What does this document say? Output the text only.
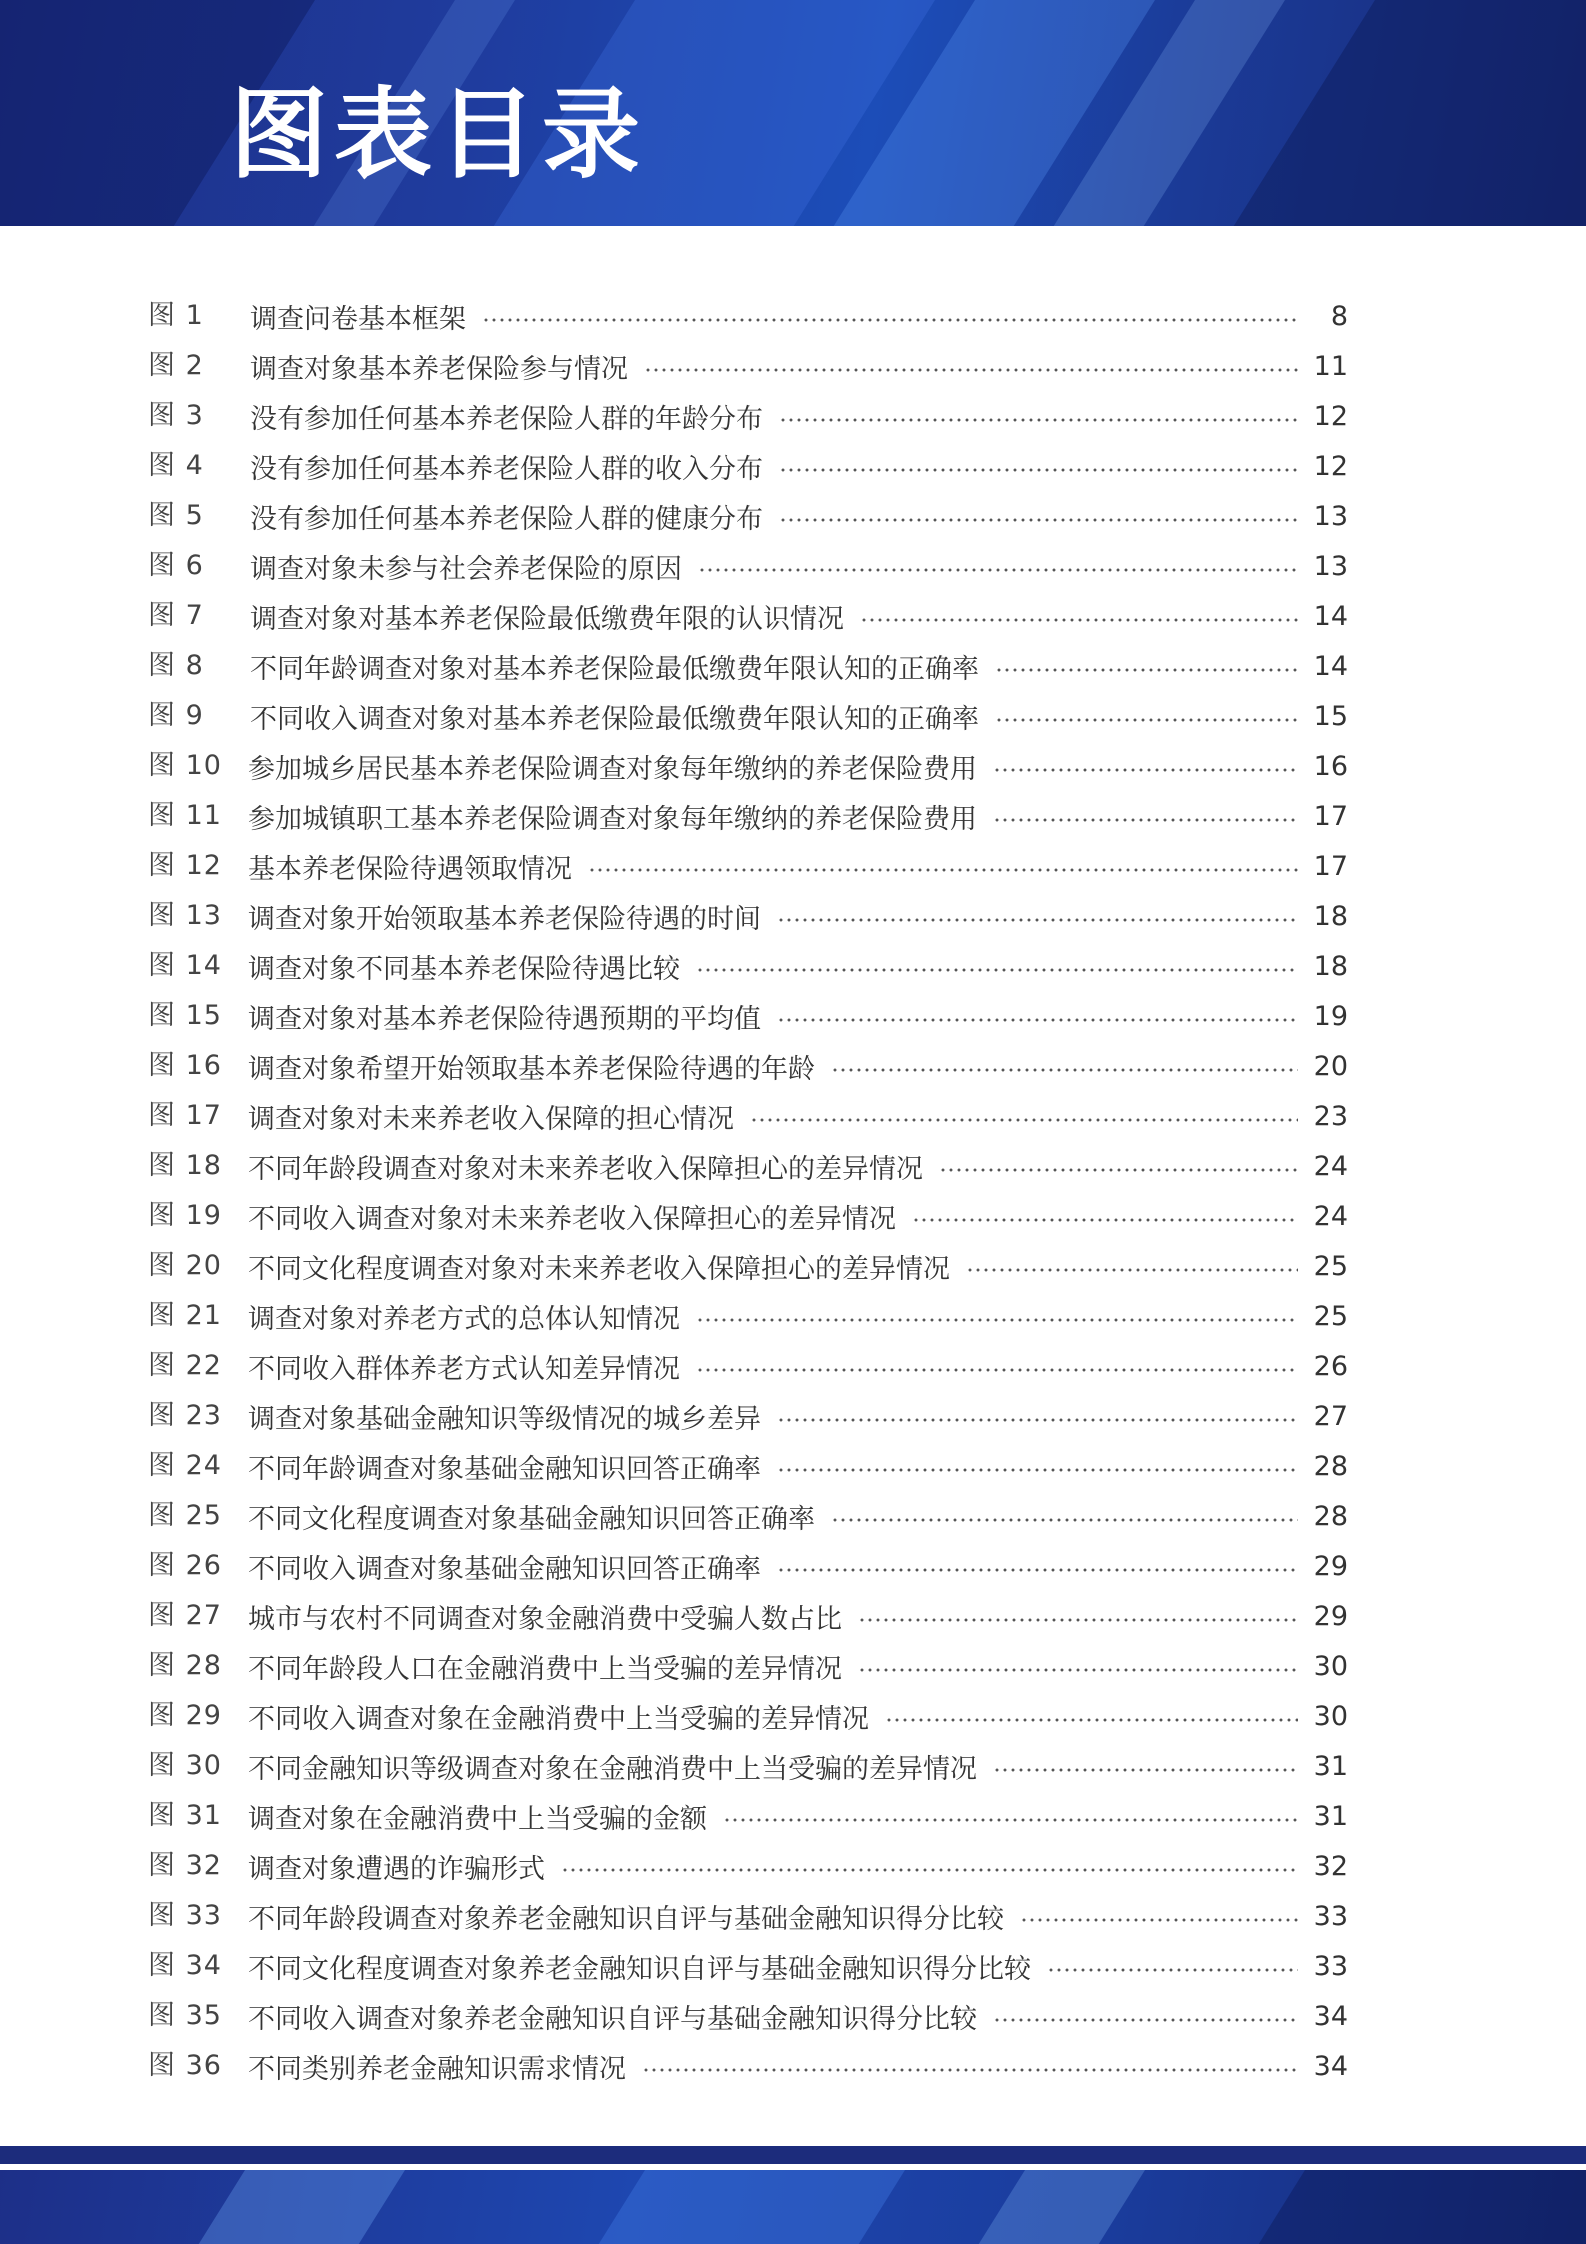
图表目录
图 1 调查问卷基本框架	8
图 2 调查对象基本养老保险参与情况	11
图 3 没有参加任何基本养老保险人群的年龄分布	12
图 4 没有参加任何基本养老保险人群的收入分布	12
图 5 没有参加任何基本养老保险人群的健康分布	13
图 6 调查对象未参与社会养老保险的原因	13
图 7 调查对象对基本养老保险最低缴费年限的认识情况	14
图 8 不同年龄调查对象对基本养老保险最低缴费年限认知的正确率	14
图 9 不同收入调查对象对基本养老保险最低缴费年限认知的正确率	15
图 10 参加城乡居民基本养老保险调查对象每年缴纳的养老保险费用	16
图 11 参加城镇职工基本养老保险调查对象每年缴纳的养老保险费用	17
图 12 基本养老保险待遇领取情况	17
图 13 调查对象开始领取基本养老保险待遇的时间	18
图 14 调查对象不同基本养老保险待遇比较	18
图 15 调查对象对基本养老保险待遇预期的平均值	19
图 16 调查对象希望开始领取基本养老保险待遇的年龄	20
图 17 调查对象对未来养老收入保障的担心情况	23
图 18 不同年龄段调查对象对未来养老收入保障担心的差异情况	24
图 19 不同收入调查对象对未来养老收入保障担心的差异情况	24
图 20 不同文化程度调查对象对未来养老收入保障担心的差异情况	25
图 21 调查对象对养老方式的总体认知情况	25
图 22 不同收入群体养老方式认知差异情况	26
图 23 调查对象基础金融知识等级情况的城乡差异	27
图 24 不同年龄调查对象基础金融知识回答正确率	28
图 25 不同文化程度调查对象基础金融知识回答正确率	28
图 26 不同收入调查对象基础金融知识回答正确率	29
图 27 城市与农村不同调查对象金融消费中受骗人数占比	29
图 28 不同年龄段人口在金融消费中上当受骗的差异情况	30
图 29 不同收入调查对象在金融消费中上当受骗的差异情况	30
图 30 不同金融知识等级调查对象在金融消费中上当受骗的差异情况	31
图 31 调查对象在金融消费中上当受骗的金额	31
图 32 调查对象遭遇的诈骗形式	32
图 33 不同年龄段调查对象养老金融知识自评与基础金融知识得分比较	33
图 34 不同文化程度调查对象养老金融知识自评与基础金融知识得分比较	33
图 35 不同收入调查对象养老金融知识自评与基础金融知识得分比较	34
图 36 不同类别养老金融知识需求情况	34
